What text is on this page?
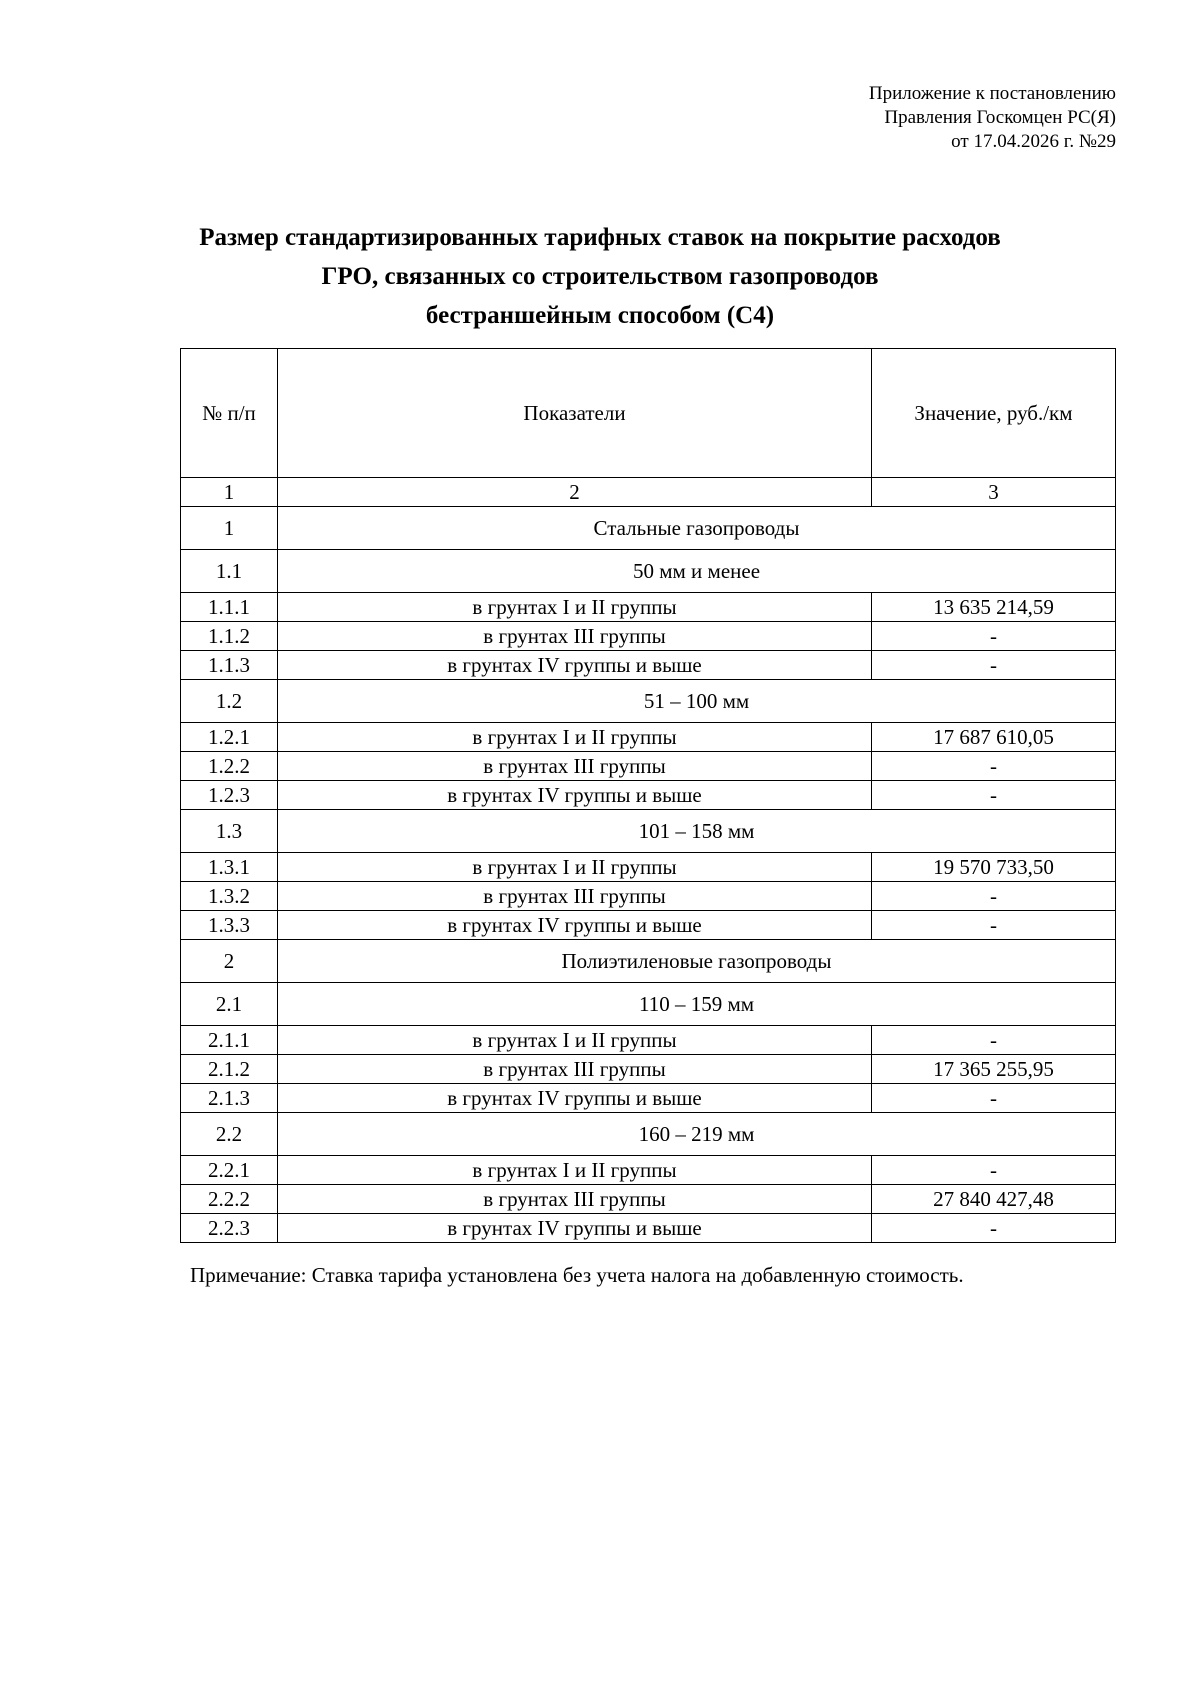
Приложение к постановлению
Правления Госкомцен РС(Я)
от 17.04.2026 г. №29
Размер стандартизированных тарифных ставок на покрытие расходов
ГРО, связанных со строительством газопроводов
бестраншейным способом (С4)
№ п/п	Показатели	Значение, руб./км
1	2	3
1	Стальные газопроводы	
1.1	50 мм и менее	
1.1.1	в грунтах I и II группы	13 635 214,59
1.1.2	в грунтах III группы	-
1.1.3	в грунтах IV группы и выше	-
1.2	51 – 100 мм	
1.2.1	в грунтах I и II группы	17 687 610,05
1.2.2	в грунтах III группы	-
1.2.3	в грунтах IV группы и выше	-
1.3	101 – 158 мм	
1.3.1	в грунтах I и II группы	19 570 733,50
1.3.2	в грунтах III группы	-
1.3.3	в грунтах IV группы и выше	-
2	Полиэтиленовые газопроводы	
2.1	110 – 159 мм	
2.1.1	в грунтах I и II группы	-
2.1.2	в грунтах III группы	17 365 255,95
2.1.3	в грунтах IV группы и выше	-
2.2	160 – 219 мм	
2.2.1	в грунтах I и II группы	-
2.2.2	в грунтах III группы	27 840 427,48
2.2.3	в грунтах IV группы и выше	-
Примечание: Ставка тарифа установлена без учета налога на добавленную стоимость.
